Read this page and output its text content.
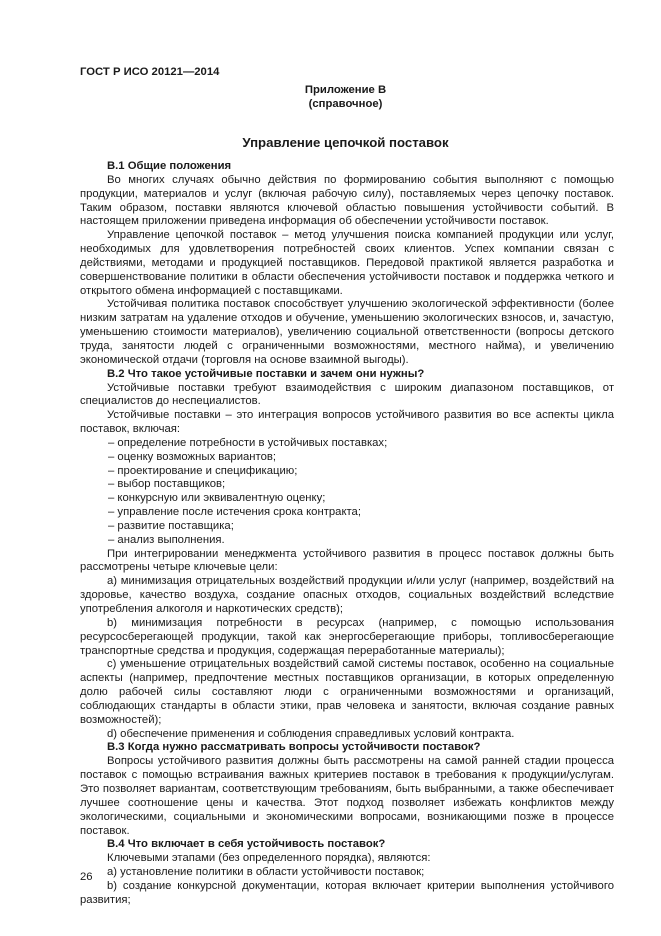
ГОСТ Р ИСО 20121—2014
Приложение В
(справочное)
Управление цепочкой поставок

В.1 Общие положения

Во многих случаях обычно действия по формированию события выполняют с помощью продукции, материалов и услуг (включая рабочую силу), поставляемых через цепочку поставок. Таким образом, поставки являются ключевой областью повышения устойчивости событий. В настоящем приложении приведена информация об обеспечении устойчивости поставок.

Управление цепочкой поставок – метод улучшения поиска компанией продукции или услуг, необходимых для удовлетворения потребностей своих клиентов. Успех компании связан с действиями, методами и продукцией поставщиков. Передовой практикой является разработка и совершенствование политики в области обеспечения устойчивости поставок и поддержка четкого и открытого обмена информацией с поставщиками.

Устойчивая политика поставок способствует улучшению экологической эффективности (более низким затратам на удаление отходов и обучение, уменьшению экологических взносов, и, зачастую, уменьшению стоимости материалов), увеличению социальной ответственности (вопросы детского труда, занятости людей с ограниченными возможностями, местного найма), и увеличению экономической отдачи (торговля на основе взаимной выгоды).

В.2 Что такое устойчивые поставки и зачем они нужны?

Устойчивые поставки требуют взаимодействия с широким диапазоном поставщиков, от специалистов до неспециалистов.

Устойчивые поставки – это интеграция вопросов устойчивого развития во все аспекты цикла поставок, включая:

– определение потребности в устойчивых поставках;

– оценку возможных вариантов;

– проектирование и спецификацию;

– выбор поставщиков;

– конкурсную или эквивалентную оценку;

– управление после истечения срока контракта;

– развитие поставщика;

– анализ выполнения.

При интегрировании менеджмента устойчивого развития в процесс поставок должны быть рассмотрены четыре ключевые цели:

а) минимизация отрицательных воздействий продукции и/или услуг (например, воздействий на здоровье, качество воздуха, создание опасных отходов, социальных воздействий вследствие употребления алкоголя и наркотических средств);

b) минимизация потребности в ресурсах (например, с помощью использования ресурсосберегающей продукции, такой как энергосберегающие приборы, топливосберегающие транспортные средства и продукция, содержащая переработанные материалы);

с) уменьшение отрицательных воздействий самой системы поставок, особенно на социальные аспекты (например, предпочтение местных поставщиков организации, в которых определенную долю рабочей силы составляют люди с ограниченными возможностями и организаций, соблюдающих стандарты в области этики, прав человека и занятости, включая создание равных возможностей);

d) обеспечение применения и соблюдения справедливых условий контракта.

В.3 Когда нужно рассматривать вопросы устойчивости поставок?

Вопросы устойчивого развития должны быть рассмотрены на самой ранней стадии процесса поставок с помощью встраивания важных критериев поставок в требования к продукции/услугам. Это позволяет вариантам, соответствующим требованиям, быть выбранными, а также обеспечивает лучшее соотношение цены и качества. Этот подход позволяет избежать конфликтов между экологическими, социальными и экономическими вопросами, возникающими позже в процессе поставок.

В.4 Что включает в себя устойчивость поставок?

Ключевыми этапами (без определенного порядка), являются:

а) установление политики в области устойчивости поставок;

b) создание конкурсной документации, которая включает критерии выполнения устойчивого развития;

26
